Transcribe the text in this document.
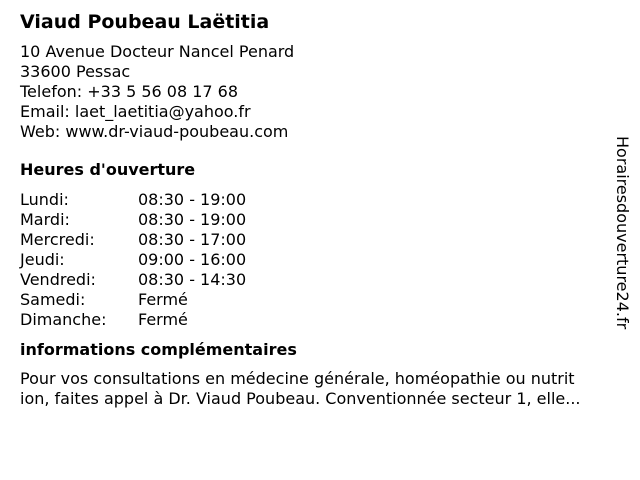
Viaud Poubeau Laëtitia
10 Avenue Docteur Nancel Penard
33600 Pessac
Telefon: +33 5 56 08 17 68
Email: laet_laetitia@yahoo.fr
Web: www.dr-viaud-poubeau.com
Heures d'ouverture
Lundi:	08:30 - 19:00
Mardi:	08:30 - 19:00
Mercredi:	08:30 - 17:00
Jeudi:	09:00 - 16:00
Vendredi:	08:30 - 14:30
Samedi:	Fermé
Dimanche:	Fermé
informations complémentaires
Pour vos consultations en médecine générale, homéopathie ou nutrit
ion, faites appel à Dr. Viaud Poubeau. Conventionnée secteur 1, elle...
Horairesdouverture24.fr
